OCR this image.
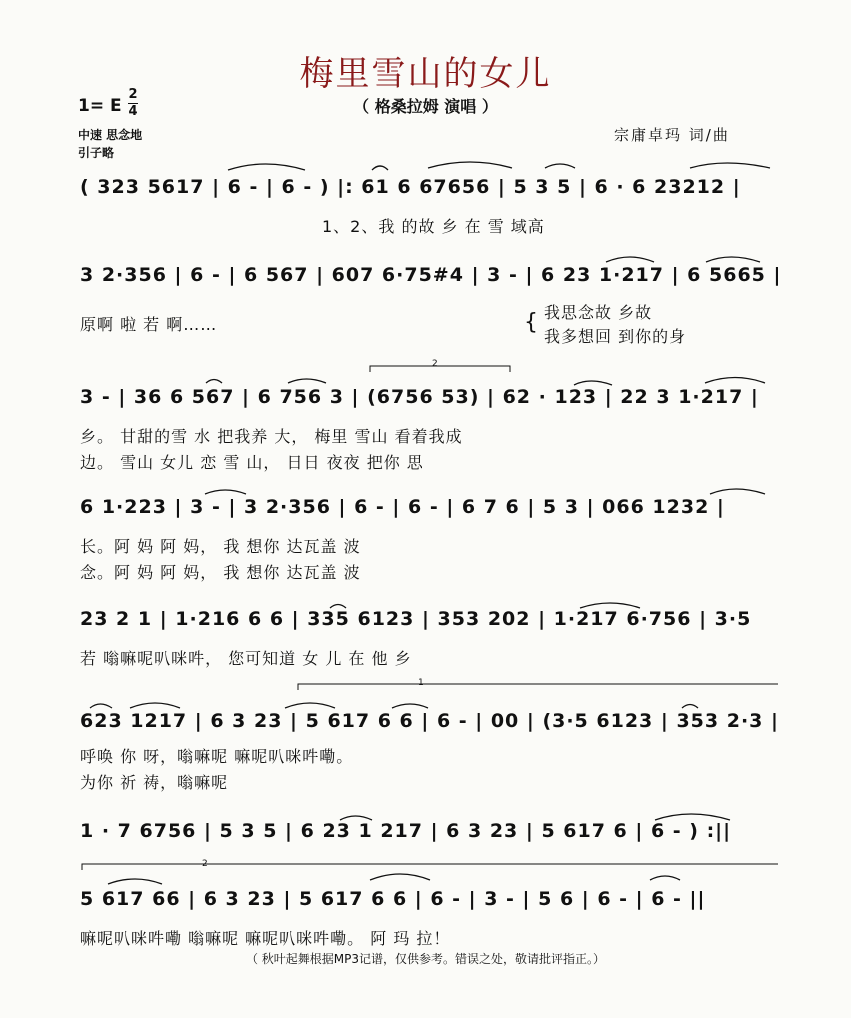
梅里雪山的女儿
（ 格桑拉姆 演唱 ）
1= E
2
4
中速 思念地
引子略
宗庸卓玛 词/曲
2
1
2
( 323 5617 | 6 - | 6 - ) |: 61 6 67656 | 5 3 5 | 6 · 6 23212 |
1、2、我 的故 乡 在 雪 域高
3 2·356 | 6 - | 6 567 | 607 6·75#4 | 3 - | 6 23 1·217 | 6 5665 |
原啊 啦 若 啊……	{ 我思念故 乡故
我多想回 到你的身
3 - | 36 6 567 | 6 756 3 | (6756 53) | 62 · 123 | 22 3 1·217 |
乡。 甘甜的雪 水 把我养 大， 梅里 雪山 看着我成
边。 雪山 女儿 恋 雪 山， 日日 夜夜 把你 思
6 1·223 | 3 - | 3 2·356 | 6 - | 6 - | 6 7 6 | 5 3 | 066 1232 |
长。阿 妈 阿 妈， 我 想你 达瓦盖 波
念。阿 妈 阿 妈， 我 想你 达瓦盖 波
23 2 1 | 1·216 6 6 | 335 6123 | 353 202 | 1·217 6·756 | 3·5
若 嗡嘛呢叭咪吽， 您可知道 女 儿 在 他 乡
623 1217 | 6 3 23 | 5 617 6 6 | 6 - | 00 | (3·5 6123 | 353 2·3 |
呼唤 你 呀，嗡嘛呢 嘛呢叭咪吽嘞。
为你 祈 祷，嗡嘛呢
1 · 7 6756 | 5 3 5 | 6 23 1 217 | 6 3 23 | 5 617 6 | 6 - ) :||
5 617 66 | 6 3 23 | 5 617 6 6 | 6 - | 3 - | 5 6 | 6 - | 6 - ||
嘛呢叭咪吽嘞 嗡嘛呢 嘛呢叭咪吽嘞。 阿 玛 拉！
（ 秋叶起舞根据MP3记谱，仅供参考。错误之处，敬请批评指正。）
